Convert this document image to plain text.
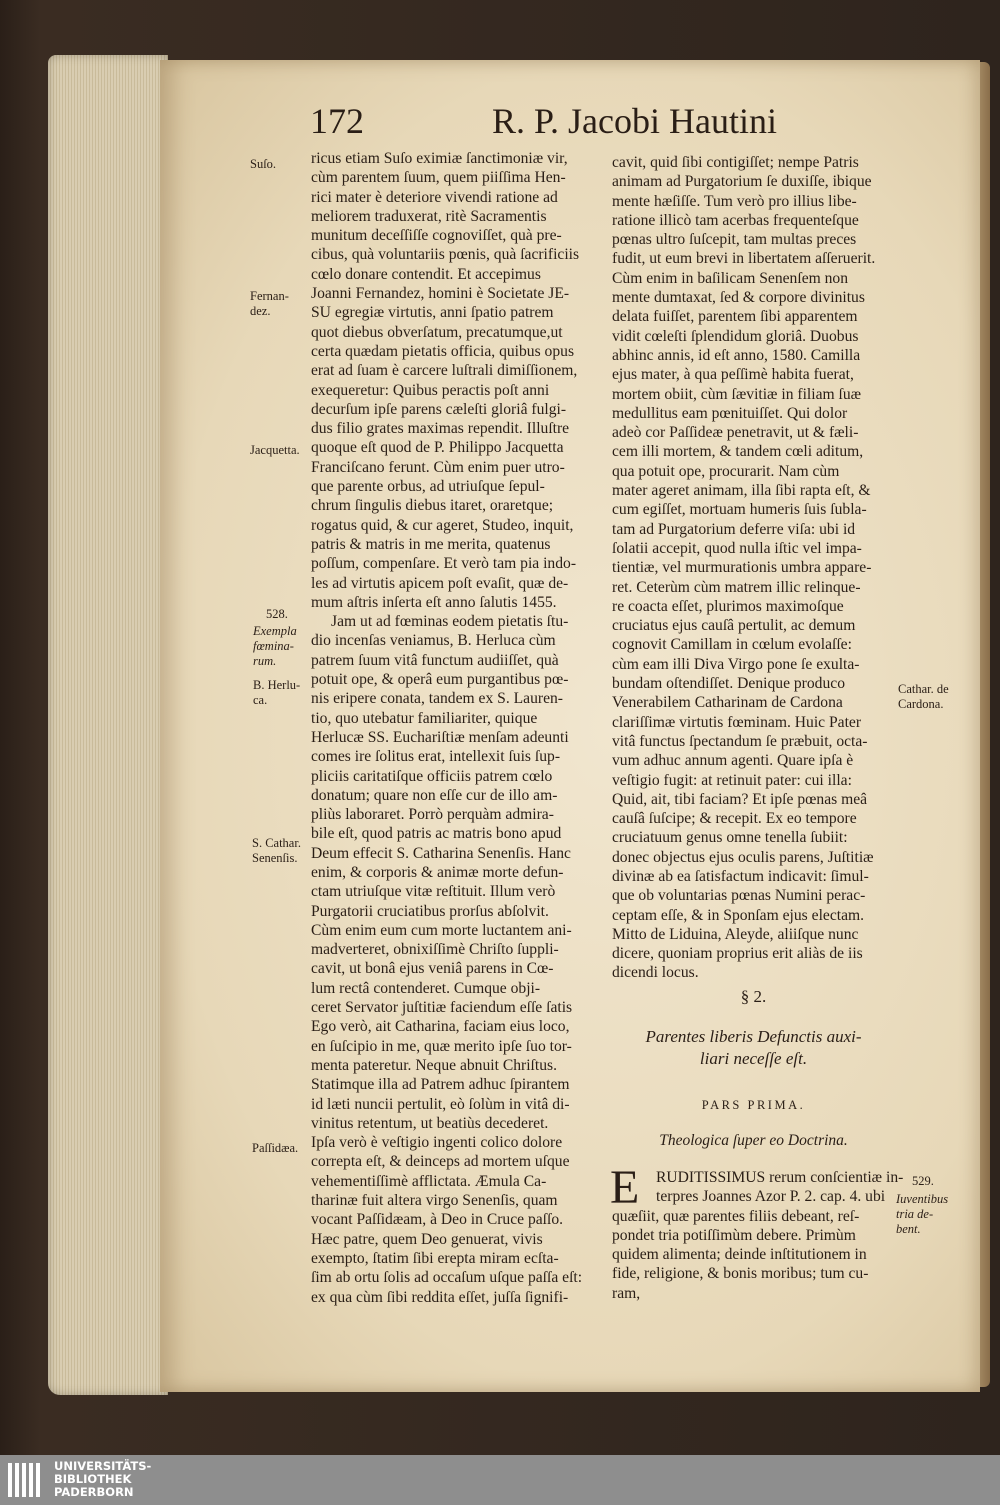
172	R. P. Jacobi Hautini
ricus etiam Suſo eximiæ ſanctimoniæ vir,
cùm parentem ſuum, quem piiſſima Hen-
rici mater è deteriore vivendi ratione ad
meliorem traduxerat, ritè Sacramentis
munitum deceſſiſſe cognoviſſet, quà pre-
cibus, quà voluntariis pœnis, quà ſacrificiis
cœlo donare contendit. Et accepimus
Joanni Fernandez, homini è Societate JE-
SU egregiæ virtutis, anni ſpatio patrem
quot diebus obverſatum, precatumque,ut
certa quædam pietatis officia, quibus opus
erat ad ſuam è carcere luſtrali dimiſſionem,
exequeretur: Quibus peractis poſt anni
decurſum ipſe parens cæleſti gloriâ fulgi-
dus filio grates maximas rependit. Illuſtre
quoque eſt quod de P. Philippo Jacquetta
Franciſcano ferunt. Cùm enim puer utro-
que parente orbus, ad utriuſque ſepul-
chrum ſingulis diebus itaret, oraretque;
rogatus quid, & cur ageret, Studeo, inquit,
patris & matris in me merita, quatenus
poſſum, compenſare. Et verò tam pia indo-
les ad virtutis apicem poſt evaſit, quæ de-
mum aſtris inſerta eſt anno ſalutis 1455.
Jam ut ad fœminas eodem pietatis ſtu-
dio incenſas veniamus, B. Herluca cùm
patrem ſuum vitâ functum audiiſſet, quà
potuit ope, & operâ eum purgantibus pœ-
nis eripere conata, tandem ex S. Lauren-
tio, quo utebatur familiariter, quique
Herlucæ SS. Euchariſtiæ menſam adeunti
comes ire ſolitus erat, intellexit ſuis ſup-
pliciis caritatiſque officiis patrem cœlo
donatum; quare non eſſe cur de illo am-
pliùs laboraret. Porrò perquàm admira-
bile eſt, quod patris ac matris bono apud
Deum effecit S. Catharina Senenſis. Hanc
enim, & corporis & animæ morte defun-
ctam utriuſque vitæ reſtituit. Illum verò
Purgatorii cruciatibus prorſus abſolvit.
Cùm enim eum cum morte luctantem ani-
madverteret, obnixiſſimè Chriſto ſuppli-
cavit, ut bonâ ejus veniâ parens in Cœ-
lum rectâ contenderet. Cumque obji-
ceret Servator juſtitiæ faciendum eſſe ſatis
Ego verò, ait Catharina, faciam eius loco,
en ſuſcipio in me, quæ merito ipſe ſuo tor-
menta pateretur. Neque abnuit Chriſtus.
Statimque illa ad Patrem adhuc ſpirantem
id læti nuncii pertulit, eò ſolùm in vitâ di-
vinitus retentum, ut beatiùs decederet.
Ipſa verò è veſtigio ingenti colico dolore
correpta eſt, & deinceps ad mortem uſque
vehementiſſimè afflictata. Æmula Ca-
tharinæ fuit altera virgo Senenſis, quam
vocant Paſſidæam, à Deo in Cruce paſſo.
Hæc patre, quem Deo genuerat, vivis
exempto, ſtatim ſibi erepta miram ecſta-
ſim ab ortu ſolis ad occaſum uſque paſſa eſt:
ex qua cùm ſibi reddita eſſet, juſſa ſignifi-
cavit, quid ſibi contigiſſet; nempe Patris
animam ad Purgatorium ſe duxiſſe, ibique
mente hæſiſſe. Tum verò pro illius libe-
ratione illicò tam acerbas frequenteſque
pœnas ultro ſuſcepit, tam multas preces
fudit, ut eum brevi in libertatem aſſeruerit.
Cùm enim in baſilicam Senenſem non
mente dumtaxat, ſed & corpore divinitus
delata fuiſſet, parentem ſibi apparentem
vidit cœleſti ſplendidum gloriâ. Duobus
abhinc annis, id eſt anno, 1580. Camilla
ejus mater, à qua peſſimè habita fuerat,
mortem obiit, cùm ſævitiæ in filiam ſuæ
medullitus eam pœnituiſſet. Qui dolor
adeò cor Paſſideæ penetravit, ut & fæli-
cem illi mortem, & tandem cœli aditum,
qua potuit ope, procurarit. Nam cùm
mater ageret animam, illa ſibi rapta eſt, &
cum egiſſet, mortuam humeris ſuis ſubla-
tam ad Purgatorium deferre viſa: ubi id
ſolatii accepit, quod nulla iſtic vel impa-
tientiæ, vel murmurationis umbra appare-
ret. Ceterùm cùm matrem illic relinque-
re coacta eſſet, plurimos maximoſque
cruciatus ejus cauſâ pertulit, ac demum
cognovit Camillam in cœlum evolaſſe:
cùm eam illi Diva Virgo pone ſe exulta-
bundam oſtendiſſet. Denique produco
Venerabilem Catharinam de Cardona
clariſſimæ virtutis fœminam. Huic Pater
vitâ functus ſpectandum ſe præbuit, octa-
vum adhuc annum agenti. Quare ipſa è
veſtigio fugit: at retinuit pater: cui illa:
Quid, ait, tibi faciam? Et ipſe pœnas meâ
cauſâ ſuſcipe; & recepit. Ex eo tempore
cruciatuum genus omne tenella ſubiit:
donec objectus ejus oculis parens, Juſtitiæ
divinæ ab ea ſatisfactum indicavit: ſimul-
que ob voluntarias pœnas Numini perac-
ceptam eſſe, & in Sponſam ejus electam.
Mitto de Liduina, Aleyde, aliiſque nunc
dicere, quoniam proprius erit aliàs de iis
dicendi locus.
Suſo.
Fernan-
dez.
Jacquetta.
528.
Exempla
fœmina-
rum.
B. Herlu-
ca.
S. Cathar.
Senenſis.
Paſſidæa.
Cathar. de
Cardona.
529.
Iuventibus
tria de-
bent.
§ 2.
Parentes liberis Defunctis auxi-
liari neceſſe eſt.
PARS PRIMA.
Theologica ſuper eo Doctrina.
E	RUDITISSIMUS rerum conſcientiæ in-
terpres Joannes Azor P. 2. cap. 4. ubi
quæſiit, quæ parentes filiis debeant, reſ-
pondet tria potiſſimùm debere. Primùm
quidem alimenta; deinde inſtitutionem in
fide, religione, & bonis moribus; tum cu-
ram,
UNIVERSITÄTS-
BIBLIOTHEK
PADERBORN
